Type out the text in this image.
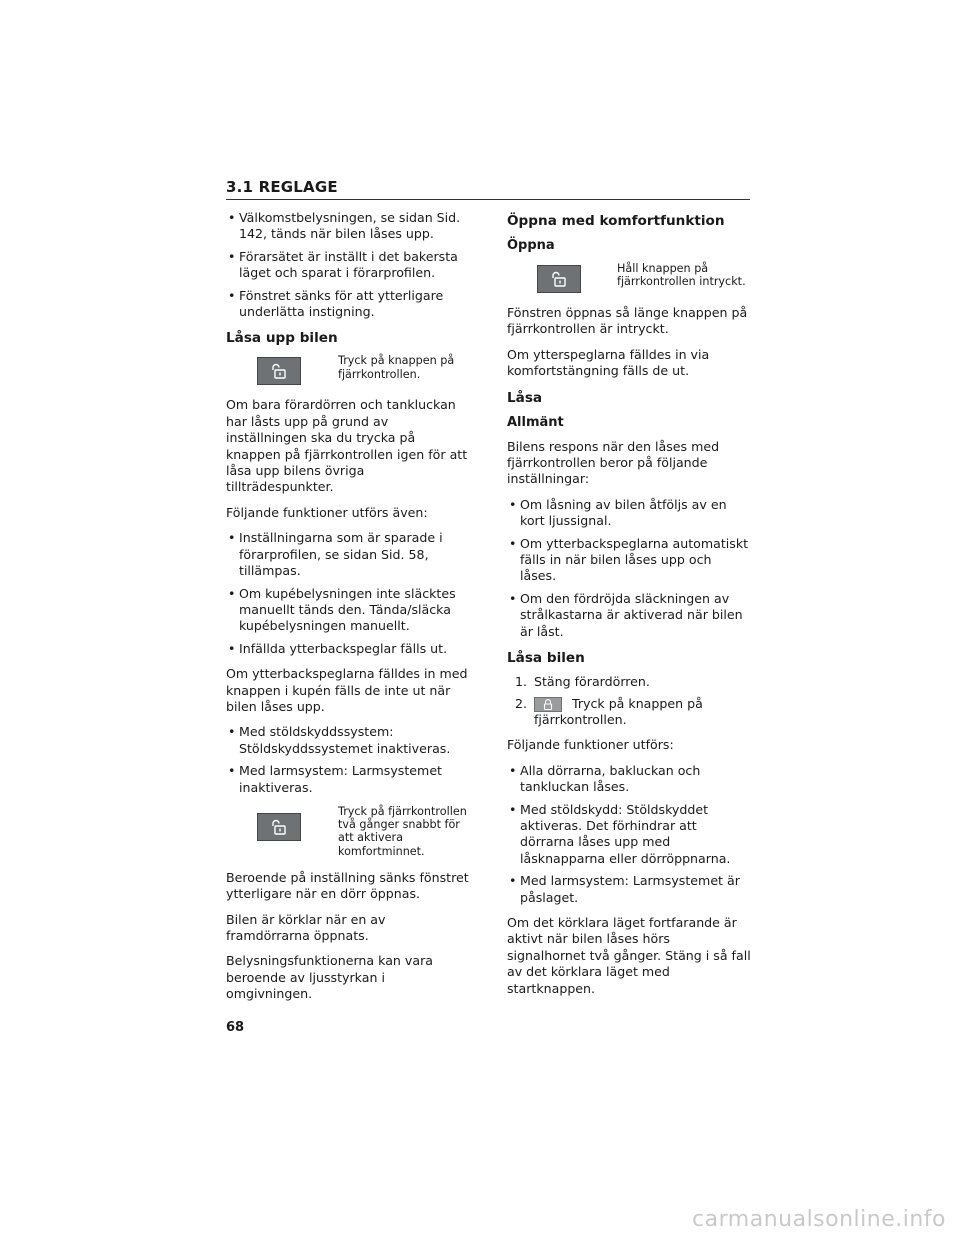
3.1 REGLAGE
• Välkomstbelysningen, se sidan Sid. 142, tänds när bilen låses upp.
• Förarsätet är inställt i det bakersta läget och sparat i förarprofilen.
• Fönstret sänks för att ytterligare underlätta instigning.
Låsa upp bilen
Tryck på knappen på fjärrkontrollen.

Om bara förardörren och tankluckan har låsts upp på grund av inställningen ska du trycka på knappen på fjärrkontrollen igen för att låsa upp bilens övriga tillträdespunkter.

Följande funktioner utförs även:

• Inställningarna som är sparade i förarprofilen, se sidan Sid. 58, tillämpas.
• Om kupébelysningen inte släcktes manuellt tänds den. Tända/släcka kupébelysningen manuellt.
• Infällda ytterbackspeglar fälls ut.

Om ytterbackspeglarna fälldes in med knappen i kupén fälls de inte ut när bilen låses upp.

• Med stöldskyddssystem: Stöldskyddssystemet inaktiveras.
• Med larmsystem: Larmsystemet inaktiveras.
Tryck på fjärrkontrollen två gånger snabbt för att aktivera komfortminnet.

Beroende på inställning sänks fönstret ytterligare när en dörr öppnas.

Bilen är körklar när en av framdörrarna öppnats.

Belysningsfunktionerna kan vara beroende av ljusstyrkan i omgivningen.

Öppna med komfortfunktion
Öppna
Håll knappen på fjärrkontrollen intryckt.

Fönstren öppnas så länge knappen på fjärrkontrollen är intryckt.

Om ytterspeglarna fälldes in via komfortstängning fälls de ut.

Låsa
Allmänt

Bilens respons när den låses med fjärrkontrollen beror på följande inställningar:

• Om låsning av bilen åtföljs av en kort ljussignal.
• Om ytterbackspeglarna automatiskt fälls in när bilen låses upp och låses.
• Om den fördröjda släckningen av strålkastarna är aktiverad när bilen är låst.
Låsa bilen
1. Stäng förardörren.
2.	Tryck på knappen på fjärrkontrollen.

Följande funktioner utförs:

• Alla dörrarna, bakluckan och tankluckan låses.
• Med stöldskydd: Stöldskyddet aktiveras. Det förhindrar att dörrarna låses upp med låsknapparna eller dörröppnarna.
• Med larmsystem: Larmsystemet är påslaget.

Om det körklara läget fortfarande är aktivt när bilen låses hörs signalhornet två gånger. Stäng i så fall av det körklara läget med startknappen.

68
carmanualsonline.info
